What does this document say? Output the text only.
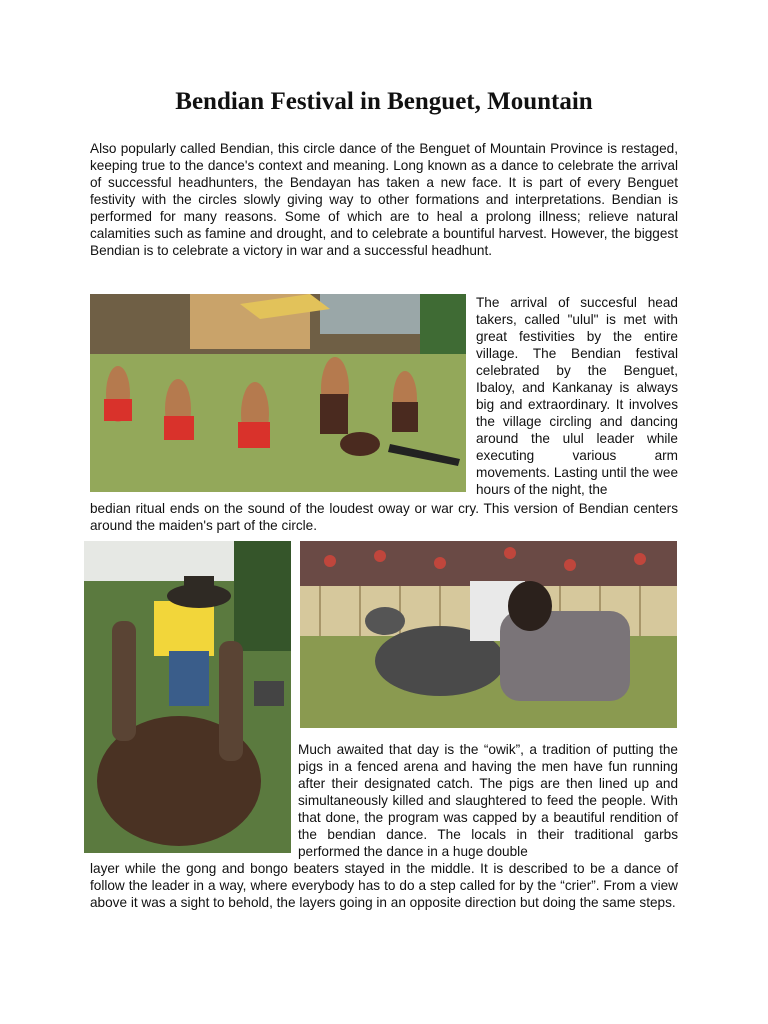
Bendian Festival in Benguet, Mountain

Also popularly called Bendian, this circle dance of the Benguet of Mountain Province is restaged, keeping true to the dance's context and meaning. Long known as a dance to celebrate the arrival of successful headhunters, the Bendayan has taken a new face. It is part of every Benguet festivity with the circles slowly giving way to other formations and interpretations. Bendian is performed for many reasons. Some of which are to heal a prolong illness; relieve natural calamities such as famine and drought, and to celebrate a bountiful harvest. However, the biggest Bendian is to celebrate a victory in war and a successful headhunt.

The arrival of succesful head takers, called "ulul" is met with great festivities by the entire village. The Bendian festival celebrated by the Benguet, Ibaloy, and Kankanay is always big and extraordinary. It involves the village circling and dancing around the ulul leader while executing various arm movements. Lasting until the wee hours of the night, the

bedian ritual ends on the sound of the loudest oway or war cry. This version of Bendian centers around the maiden's part of the circle.

Much awaited that day is the “owik”, a tradition of putting the pigs in a fenced arena and having the men have fun running after their designated catch. The pigs are then lined up and simultaneously killed and slaughtered to feed the people. With that done, the program was capped by a beautiful rendition of the bendian dance. The locals in their traditional garbs performed the dance in a huge double

layer while the gong and bongo beaters stayed in the middle. It is described to be a dance of follow the leader in a way, where everybody has to do a step called for by the “crier”. From a view above it was a sight to behold, the layers going in an opposite direction but doing the same steps.
